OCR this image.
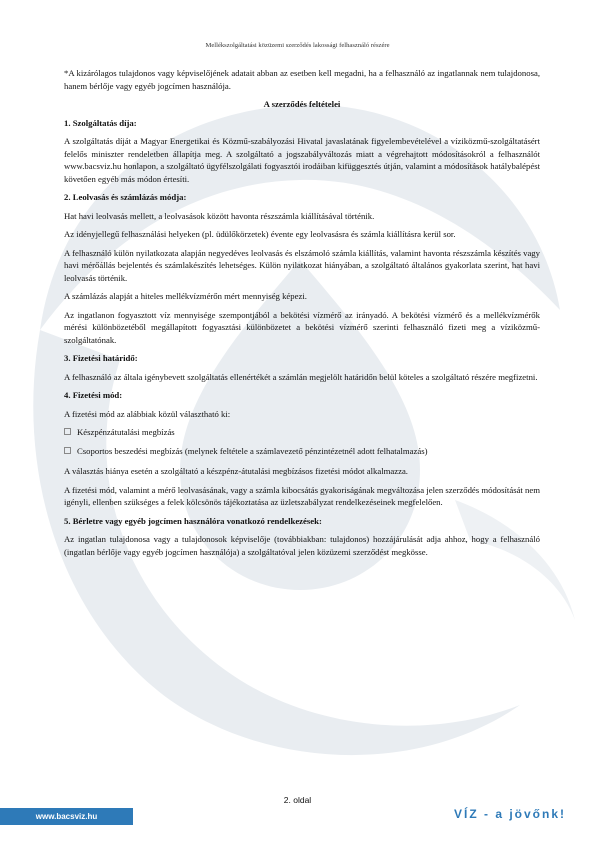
Mellékszolgáltatási közüzemi szerződés lakossági felhasználó részére

*A kizárólagos tulajdonos vagy képviselőjének adatait abban az esetben kell megadni, ha a felhasználó az ingatlannak nem tulajdonosa, hanem bérlője vagy egyéb jogcímen használója.

A szerződés feltételei

1. Szolgáltatás díja:

A szolgáltatás díját a Magyar Energetikai és Közmű-szabályozási Hivatal javaslatának figyelembevételével a víziközmű-szolgáltatásért felelős miniszter rendeletben állapítja meg. A szolgáltató a jogszabályváltozás miatt a végrehajtott módosításokról a felhasználót www.bacsviz.hu honlapon, a szolgáltató ügyfélszolgálati fogyasztói irodáiban kifüggesztés útján, valamint a módosítások hatálybalépést követően egyéb más módon értesíti.

2. Leolvasás és számlázás módja:

Hat havi leolvasás mellett, a leolvasások között havonta részszámla kiállításával történik.

Az idényjellegű felhasználási helyeken (pl. üdülőkörzetek) évente egy leolvasásra és számla kiállításra kerül sor.

A felhasználó külön nyilatkozata alapján negyedéves leolvasás és elszámoló számla kiállítás, valamint havonta részszámla készítés vagy havi mérőállás bejelentés és számlakészítés lehetséges. Külön nyilatkozat hiányában, a szolgáltató általános gyakorlata szerint, hat havi leolvasás történik.

A számlázás alapját a hiteles mellékvízmérőn mért mennyiség képezi.

Az ingatlanon fogyasztott víz mennyisége szempontjából a bekötési vízmérő az irányadó. A bekötési vízmérő és a mellékvízmérők mérési különbözetéből megállapított fogyasztási különbözetet a bekötési vízmérő szerinti felhasználó fizeti meg a víziközmű-szolgáltatónak.

3. Fizetési határidő:

A felhasználó az általa igénybevett szolgáltatás ellenértékét a számlán megjelölt határidőn belül köteles a szolgáltató részére megfizetni.

4. Fizetési mód:

A fizetési mód az alábbiak közül választható ki:

Készpénzátutalási megbízás

Csoportos beszedési megbízás (melynek feltétele a számlavezető pénzintézetnél adott felhatalmazás)

A választás hiánya esetén a szolgáltató a készpénz-átutalási megbízásos fizetési módot alkalmazza.

A fizetési mód, valamint a mérő leolvasásának, vagy a számla kibocsátás gyakoriságának megváltozása jelen szerződés módosítását nem igényli, ellenben szükséges a felek kölcsönös tájékoztatása az üzletszabályzat rendelkezéseinek megfelelően.

5. Bérletre vagy egyéb jogcímen használóra vonatkozó rendelkezések:

Az ingatlan tulajdonosa vagy a tulajdonosok képviselője (továbbiakban: tulajdonos) hozzájárulását adja ahhoz, hogy a felhasználó (ingatlan bérlője vagy egyéb jogcímen használója) a szolgáltatóval jelen közüzemi szerződést megkösse.

2. oldal
www.bacsviz.hu	VÍZ - a jövőnk!
